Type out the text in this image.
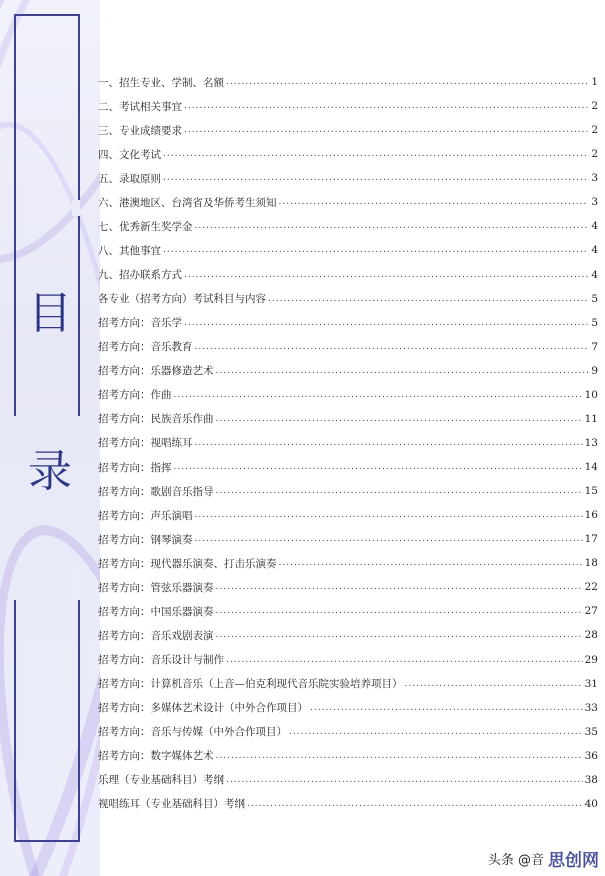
目
录
一、招生专业、学制、名额 .....	1
二、考试相关事宜 .....	2
三、专业成绩要求 .....	2
四、文化考试 .....	2
五、录取原则 .....	3
六、港澳地区、台湾省及华侨考生须知 .....	3
七、优秀新生奖学金 .....	4
八、其他事宜 .....	4
九、招办联系方式 .....	4
各专业（招考方向）考试科目与内容 .....	5
招考方向：音乐学 .....	5
招考方向：音乐教育 .....	7
招考方向：乐器修造艺术 .....	9
招考方向：作曲 .....	10
招考方向：民族音乐作曲 .....	11
招考方向：视唱练耳 .....	13
招考方向：指挥 .....	14
招考方向：歌剧音乐指导 .....	15
招考方向：声乐演唱 .....	16
招考方向：钢琴演奏 .....	17
招考方向：现代器乐演奏、打击乐演奏 .....	18
招考方向：管弦乐器演奏 .....	22
招考方向：中国乐器演奏 .....	27
招考方向：音乐戏剧表演 .....	28
招考方向：音乐设计与制作 .....	29
招考方向：计算机音乐（上音—伯克利现代音乐院实验培养项目） .....	31
招考方向：多媒体艺术设计（中外合作项目） .....	33
招考方向：音乐与传媒（中外合作项目） .....	35
招考方向：数字媒体艺术 .....	36
乐理（专业基础科目）考纲 .....	38
视唱练耳（专业基础科目）考纲 .....	40
头条 @音 思创网
